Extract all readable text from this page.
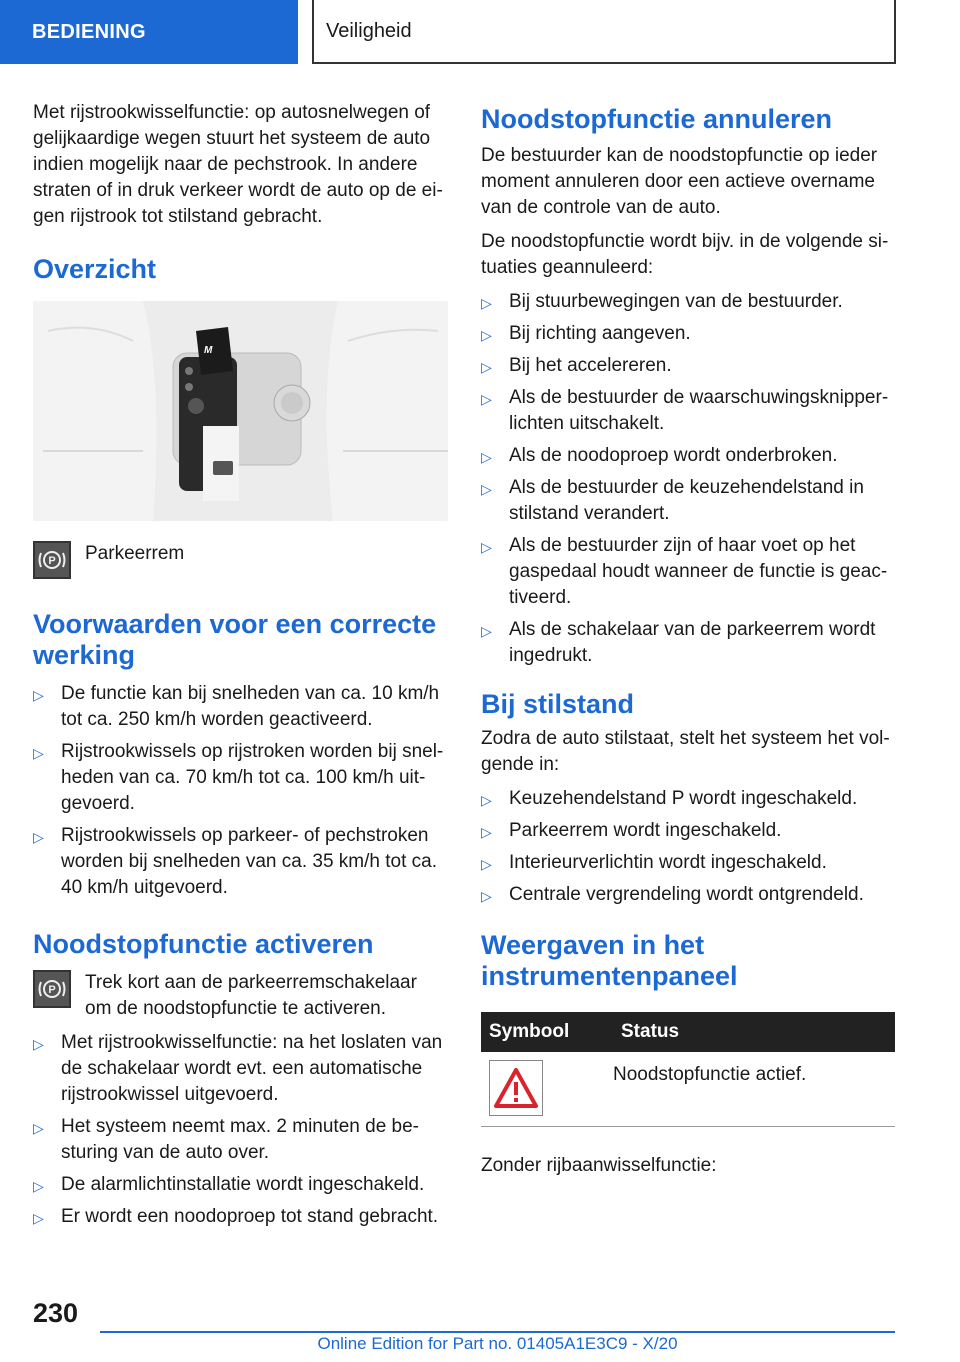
BEDIENING	Veiligheid

Met rijstrookwisselfunctie: op autosnelwegen of gelijkaardige wegen stuurt het systeem de auto indien mogelijk naar de pechstrook. In andere straten of in druk verkeer wordt de auto op de ei-gen rijstrook tot stilstand gebracht.

Overzicht
M
P Parkeerrem
Voorwaarden voor een correcte werking
▷ De functie kan bij snelheden van ca. 10 km/h tot ca. 250 km/h worden geactiveerd.
▷ Rijstrookwissels op rijstroken worden bij snel-heden van ca. 70 km/h tot ca. 100 km/h uit-gevoerd.
▷ Rijstrookwissels op parkeer- of pechstroken worden bij snelheden van ca. 35 km/h tot ca. 40 km/h uitgevoerd.
Noodstopfunctie activeren
P Trek kort aan de parkeerremschakelaar om de noodstopfunctie te activeren.
▷ Met rijstrookwisselfunctie: na het loslaten van de schakelaar wordt evt. een automatische rijstrookwissel uitgevoerd.
▷ Het systeem neemt max. 2 minuten de be-sturing van de auto over.
▷ De alarmlichtinstallatie wordt ingeschakeld.
▷ Er wordt een noodoproep tot stand gebracht.
Noodstopfunctie annuleren

De bestuurder kan de noodstopfunctie op ieder moment annuleren door een actieve overname van de controle van de auto.

De noodstopfunctie wordt bijv. in de volgende si-tuaties geannuleerd:

▷ Bij stuurbewegingen van de bestuurder.
▷ Bij richting aangeven.
▷ Bij het accelereren.
▷ Als de bestuurder de waarschuwingsknipper-lichten uitschakelt.
▷ Als de noodoproep wordt onderbroken.
▷ Als de bestuurder de keuzehendelstand in stilstand verandert.
▷ Als de bestuurder zijn of haar voet op het gaspedaal houdt wanneer de functie is geac-tiveerd.
▷ Als de schakelaar van de parkeerrem wordt ingedrukt.
Bij stilstand

Zodra de auto stilstaat, stelt het systeem het vol-gende in:

▷ Keuzehendelstand P wordt ingeschakeld.
▷ Parkeerrem wordt ingeschakeld.
▷ Interieurverlichtin wordt ingeschakeld.
▷ Centrale vergrendeling wordt ontgrendeld.
Weergaven in het instrumentenpaneel
Symbool	Status

	Noodstopfunctie actief.

Zonder rijbaanwisselfunctie:

230
Online Edition for Part no. 01405A1E3C9 - X/20
